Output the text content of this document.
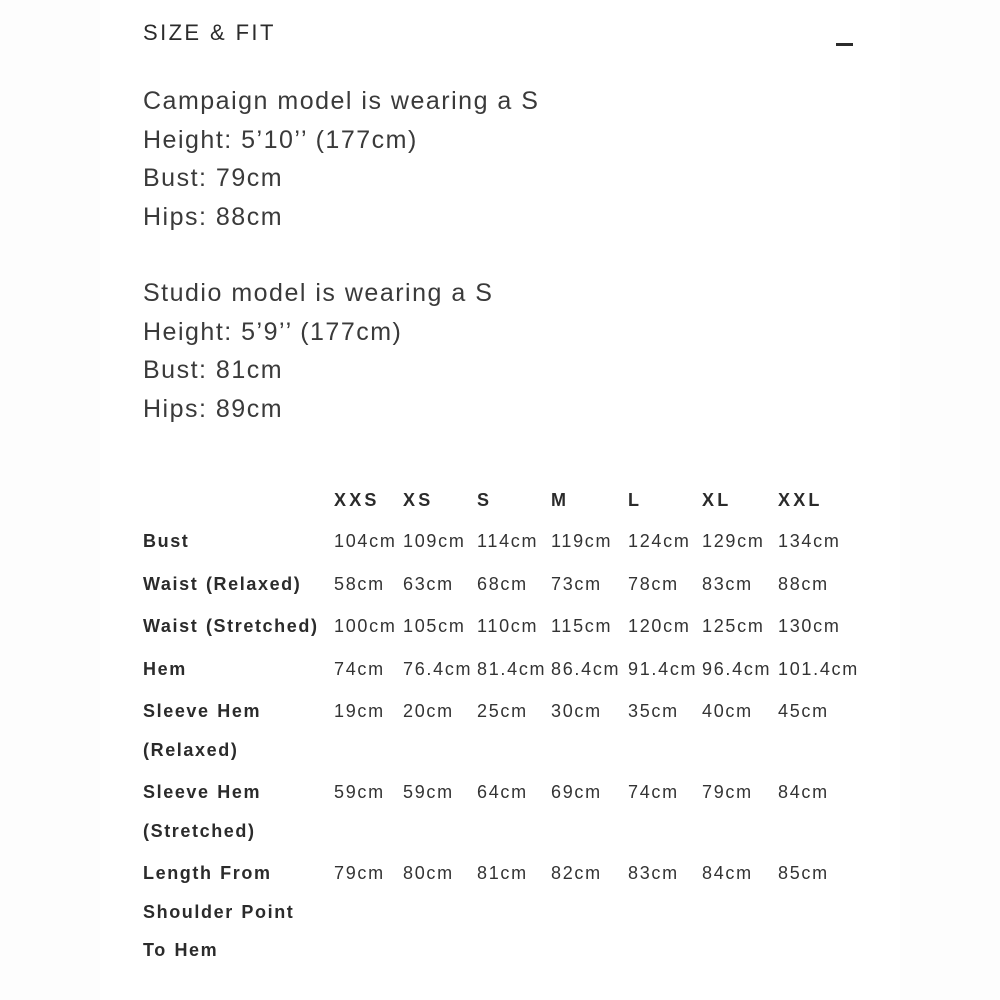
SIZE & FIT
Campaign model is wearing a S
Height: 5’10’’ (177cm)
Bust: 79cm
Hips: 88cm
Studio model is wearing a S
Height: 5’9’’ (177cm)
Bust: 81cm
Hips: 89cm
	XXS	XS	S	M	L	XL	XXL
Bust	104cm	109cm	114cm	119cm	124cm	129cm	134cm
Waist (Relaxed)	58cm	63cm	68cm	73cm	78cm	83cm	88cm
Waist (Stretched)	100cm	105cm	110cm	115cm	120cm	125cm	130cm
Hem	74cm	76.4cm	81.4cm	86.4cm	91.4cm	96.4cm	101.4cm
Sleeve Hem (Relaxed)	19cm	20cm	25cm	30cm	35cm	40cm	45cm
Sleeve Hem (Stretched)	59cm	59cm	64cm	69cm	74cm	79cm	84cm
Length From Shoulder Point To Hem	79cm	80cm	81cm	82cm	83cm	84cm	85cm
